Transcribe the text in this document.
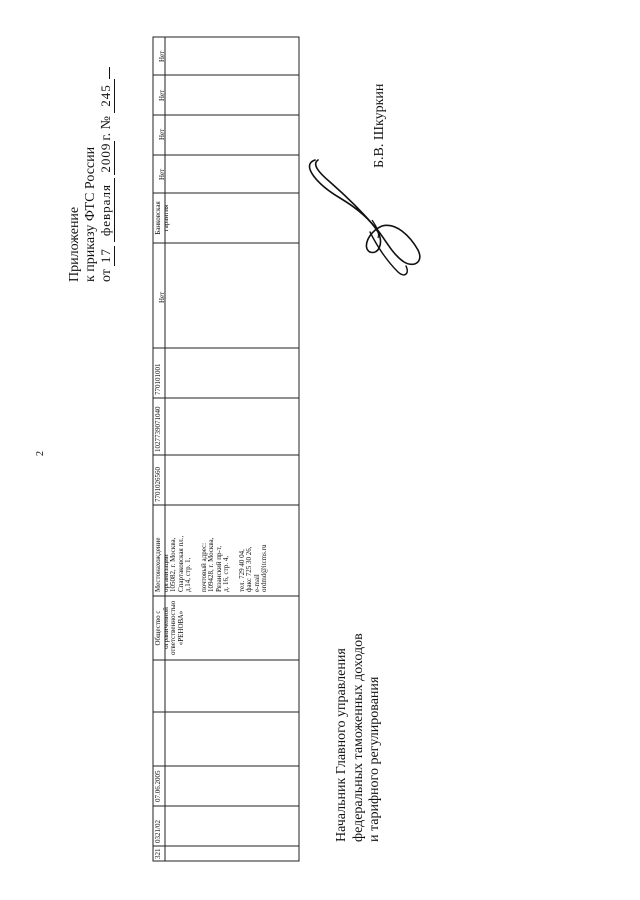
2
Приложение к приказу ФТС России от 17 февраля 2009г. № 245	Б.В. Шкуркин
Начальник Главного управления федеральных таможенных доходов и тарифного регулирования
321
0321/02
07.06.2005
Общество с ограниченной ответственностью «РЕНОВА»
Местонахождение организации 105082, г. Москва, Спартаковская пл., д.14, стр. 1,
почтовый адрес: 109428, г. Москва, Рязанский пр-т, д. 16, стр. 4,
тел. 729 40 04, факс 725 30 26, e-mail ordmd@itcms.ru
7701026560
1027739071040
770101001
Нет
Банковская гарантия
Нет
Нет
Нет
Нет
